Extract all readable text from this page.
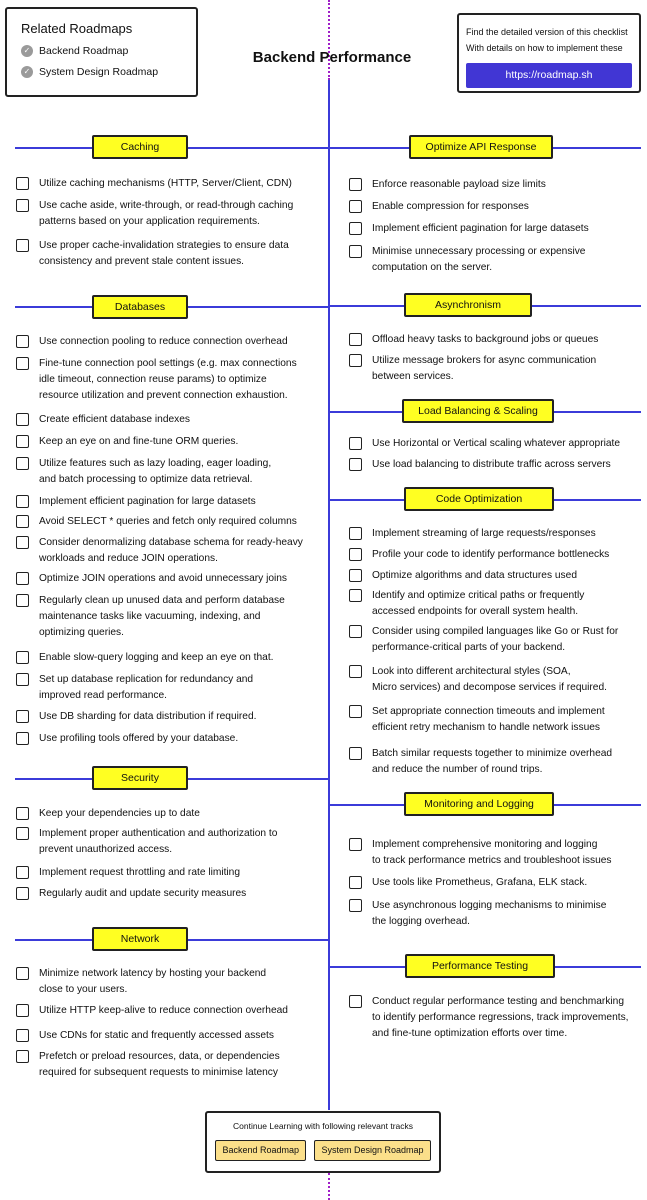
Related Roadmaps
✓ Backend Roadmap
✓ System Design Roadmap
Backend Performance
Find the detailed version of this checklist
With details on how to implement these
https://roadmap.sh
Caching
Utilize caching mechanisms (HTTP, Server/Client, CDN)
Use cache aside, write-through, or read-through caching
patterns based on your application requirements.
Use proper cache-invalidation strategies to ensure data
consistency and prevent stale content issues.
Databases
Use connection pooling to reduce connection overhead
Fine-tune connection pool settings (e.g. max connections
idle timeout, connection reuse params) to optimize
resource utilization and prevent connection exhaustion.
Create efficient database indexes
Keep an eye on and fine-tune ORM queries.
Utilize features such as lazy loading, eager loading,
and batch processing to optimize data retrieval.
Implement efficient pagination for large datasets
Avoid SELECT * queries and fetch only required columns
Consider denormalizing database schema for ready-heavy
workloads and reduce JOIN operations.
Optimize JOIN operations and avoid unnecessary joins
Regularly clean up unused data and perform database
maintenance tasks like vacuuming, indexing, and
optimizing queries.
Enable slow-query logging and keep an eye on that.
Set up database replication for redundancy and
improved read performance.
Use DB sharding for data distribution if required.
Use profiling tools offered by your database.
Security
Keep your dependencies up to date
Implement proper authentication and authorization to
prevent unauthorized access.
Implement request throttling and rate limiting
Regularly audit and update security measures
Network
Minimize network latency by hosting your backend
close to your users.
Utilize HTTP keep-alive to reduce connection overhead
Use CDNs for static and frequently accessed assets
Prefetch or preload resources, data, or dependencies
required for subsequent requests to minimise latency
Optimize API Response
Enforce reasonable payload size limits
Enable compression for responses
Implement efficient pagination for large datasets
Minimise unnecessary processing or expensive
computation on the server.
Asynchronism
Offload heavy tasks to background jobs or queues
Utilize message brokers for async communication
between services.
Load Balancing & Scaling
Use Horizontal or Vertical scaling whatever appropriate
Use load balancing to distribute traffic across servers
Code Optimization
Implement streaming of large requests/responses
Profile your code to identify performance bottlenecks
Optimize algorithms and data structures used
Identify and optimize critical paths or frequently
accessed endpoints for overall system health.
Consider using compiled languages like Go or Rust for
performance-critical parts of your backend.
Look into different architectural styles (SOA,
Micro services) and decompose services if required.
Set appropriate connection timeouts and implement
efficient retry mechanism to handle network issues
Batch similar requests together to minimize overhead
and reduce the number of round trips.
Monitoring and Logging
Implement comprehensive monitoring and logging
to track performance metrics and troubleshoot issues
Use tools like Prometheus, Grafana, ELK stack.
Use asynchronous logging mechanisms to minimise
the logging overhead.
Performance Testing
Conduct regular performance testing and benchmarking
to identify performance regressions, track improvements,
and fine-tune optimization efforts over time.
Continue Learning with following relevant tracks
Backend Roadmap System Design Roadmap
